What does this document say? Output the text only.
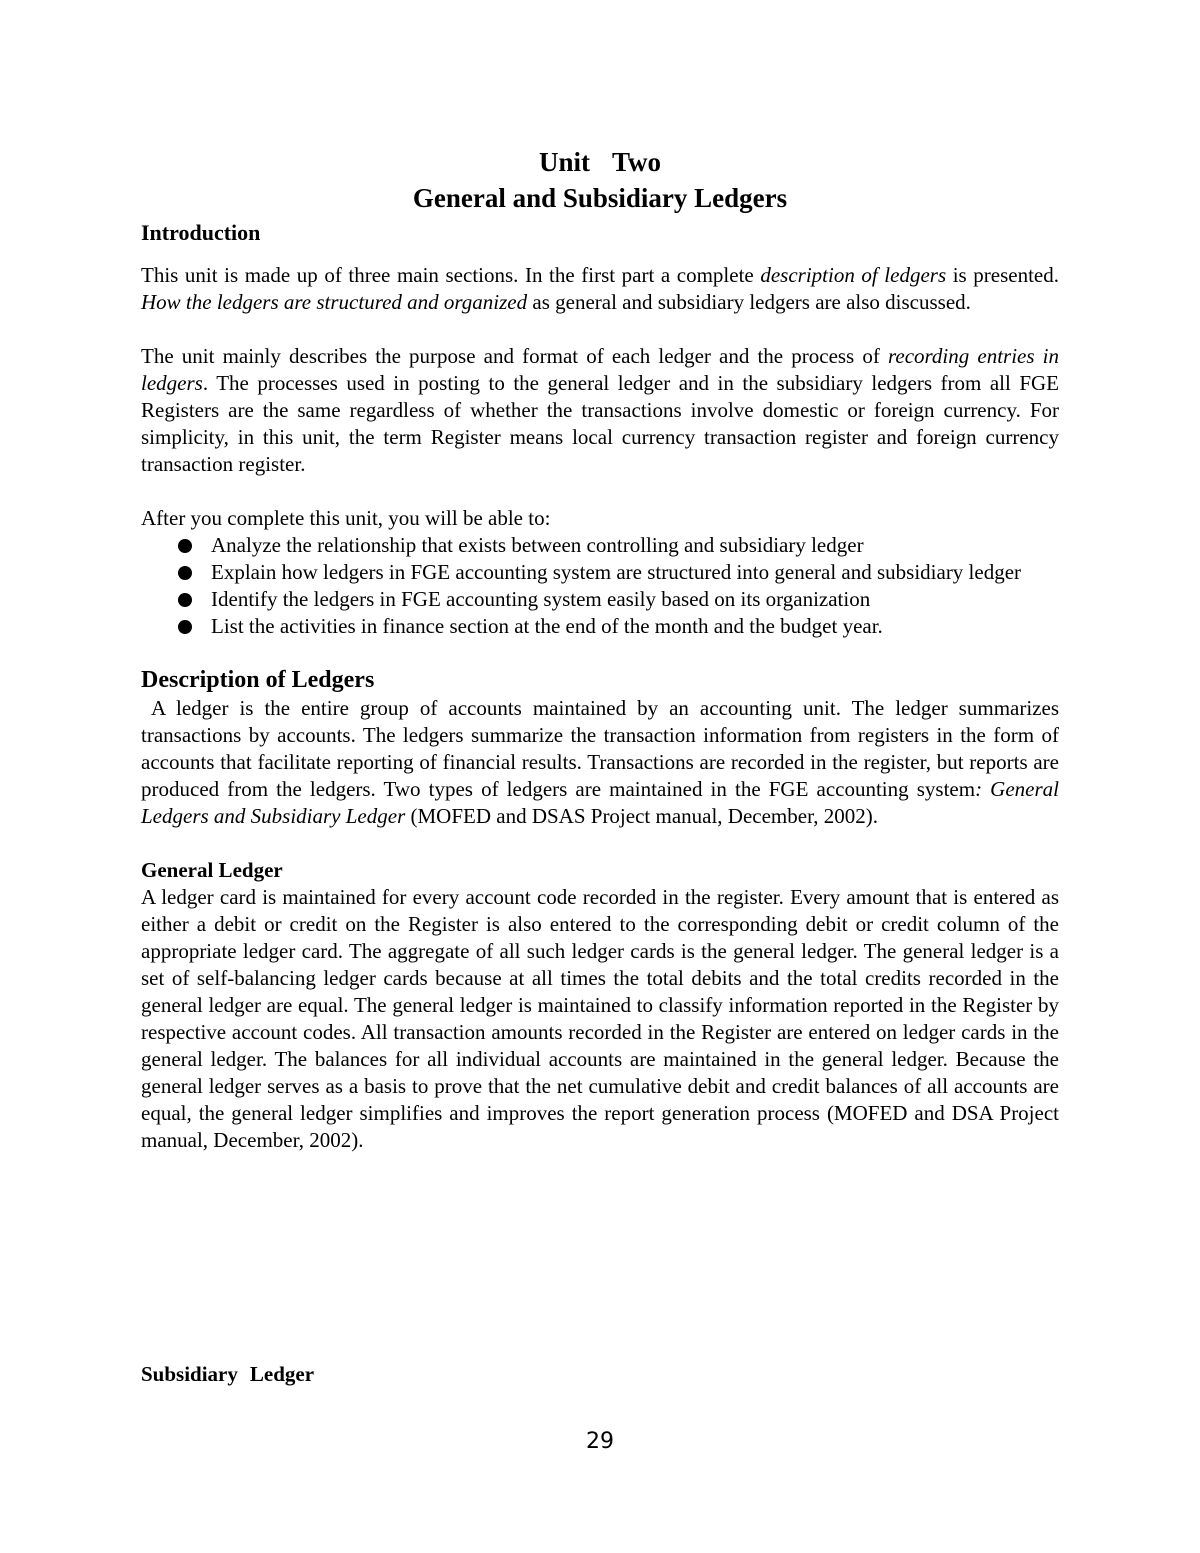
Unit Two
General and Subsidiary Ledgers
Introduction

This unit is made up of three main sections. In the first part a complete description of ledgers is presented. How the ledgers are structured and organized as general and subsidiary ledgers are also discussed.

The unit mainly describes the purpose and format of each ledger and the process of recording entries in ledgers. The processes used in posting to the general ledger and in the subsidiary ledgers from all FGE Registers are the same regardless of whether the transactions involve domestic or foreign currency. For simplicity, in this unit, the term Register means local currency transaction register and foreign currency transaction register.

After you complete this unit, you will be able to:

Analyze the relationship that exists between controlling and subsidiary ledger
Explain how ledgers in FGE accounting system are structured into general and subsidiary ledger
Identify the ledgers in FGE accounting system easily based on its organization
List the activities in finance section at the end of the month and the budget year.
Description of Ledgers

A ledger is the entire group of accounts maintained by an accounting unit. The ledger summarizes transactions by accounts. The ledgers summarize the transaction information from registers in the form of accounts that facilitate reporting of financial results. Transactions are recorded in the register, but reports are produced from the ledgers. Two types of ledgers are maintained in the FGE accounting system: General Ledgers and Subsidiary Ledger (MOFED and DSAS Project manual, December, 2002).

General Ledger

A ledger card is maintained for every account code recorded in the register. Every amount that is entered as either a debit or credit on the Register is also entered to the corresponding debit or credit column of the appropriate ledger card. The aggregate of all such ledger cards is the general ledger. The general ledger is a set of self-balancing ledger cards because at all times the total debits and the total credits recorded in the general ledger are equal. The general ledger is maintained to classify information reported in the Register by respective account codes. All transaction amounts recorded in the Register are entered on ledger cards in the general ledger. The balances for all individual accounts are maintained in the general ledger. Because the general ledger serves as a basis to prove that the net cumulative debit and credit balances of all accounts are equal, the general ledger simplifies and improves the report generation process (MOFED and DSA Project manual, December, 2002).

Subsidiary Ledger
29
